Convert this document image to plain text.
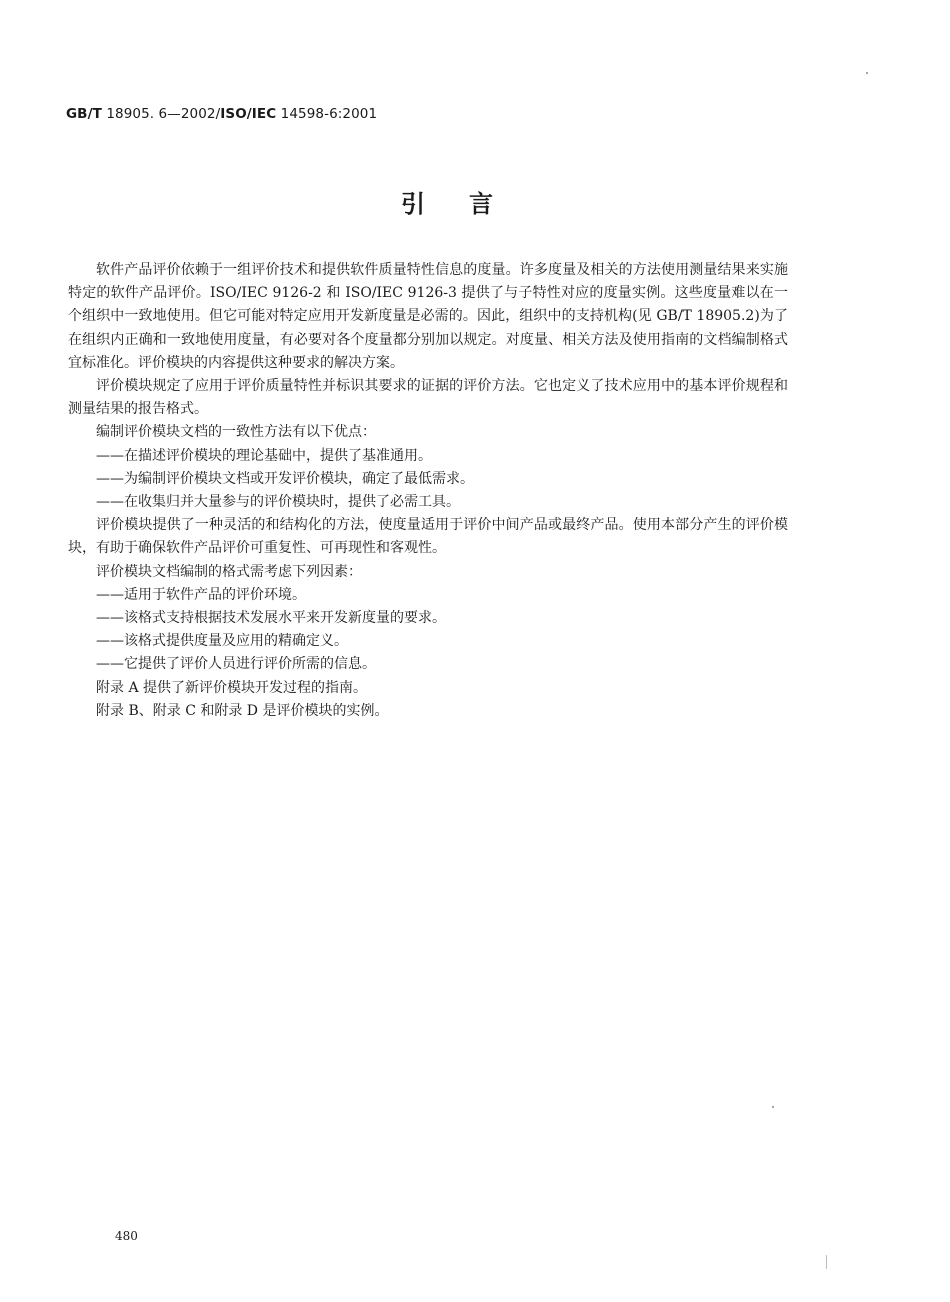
GB/T 18905. 6—2002/ISO/IEC 14598-6:2001
引言

软件产品评价依赖于一组评价技术和提供软件质量特性信息的度量。许多度量及相关的方法使用测量结果来实施特定的软件产品评价。ISO/IEC 9126-2 和 ISO/IEC 9126-3 提供了与子特性对应的度量实例。这些度量难以在一个组织中一致地使用。但它可能对特定应用开发新度量是必需的。因此，组织中的支持机构(见 GB/T 18905.2)为了在组织内正确和一致地使用度量，有必要对各个度量都分别加以规定。对度量、相关方法及使用指南的文档编制格式宜标准化。评价模块的内容提供这种要求的解决方案。

评价模块规定了应用于评价质量特性并标识其要求的证据的评价方法。它也定义了技术应用中的基本评价规程和测量结果的报告格式。

编制评价模块文档的一致性方法有以下优点：

——在描述评价模块的理论基础中，提供了基准通用。

——为编制评价模块文档或开发评价模块，确定了最低需求。

——在收集归并大量参与的评价模块时，提供了必需工具。

评价模块提供了一种灵活的和结构化的方法，使度量适用于评价中间产品或最终产品。使用本部分产生的评价模块，有助于确保软件产品评价可重复性、可再现性和客观性。

评价模块文档编制的格式需考虑下列因素：

——适用于软件产品的评价环境。

——该格式支持根据技术发展水平来开发新度量的要求。

——该格式提供度量及应用的精确定义。

——它提供了评价人员进行评价所需的信息。

附录 A 提供了新评价模块开发过程的指南。

附录 B、附录 C 和附录 D 是评价模块的实例。

480
